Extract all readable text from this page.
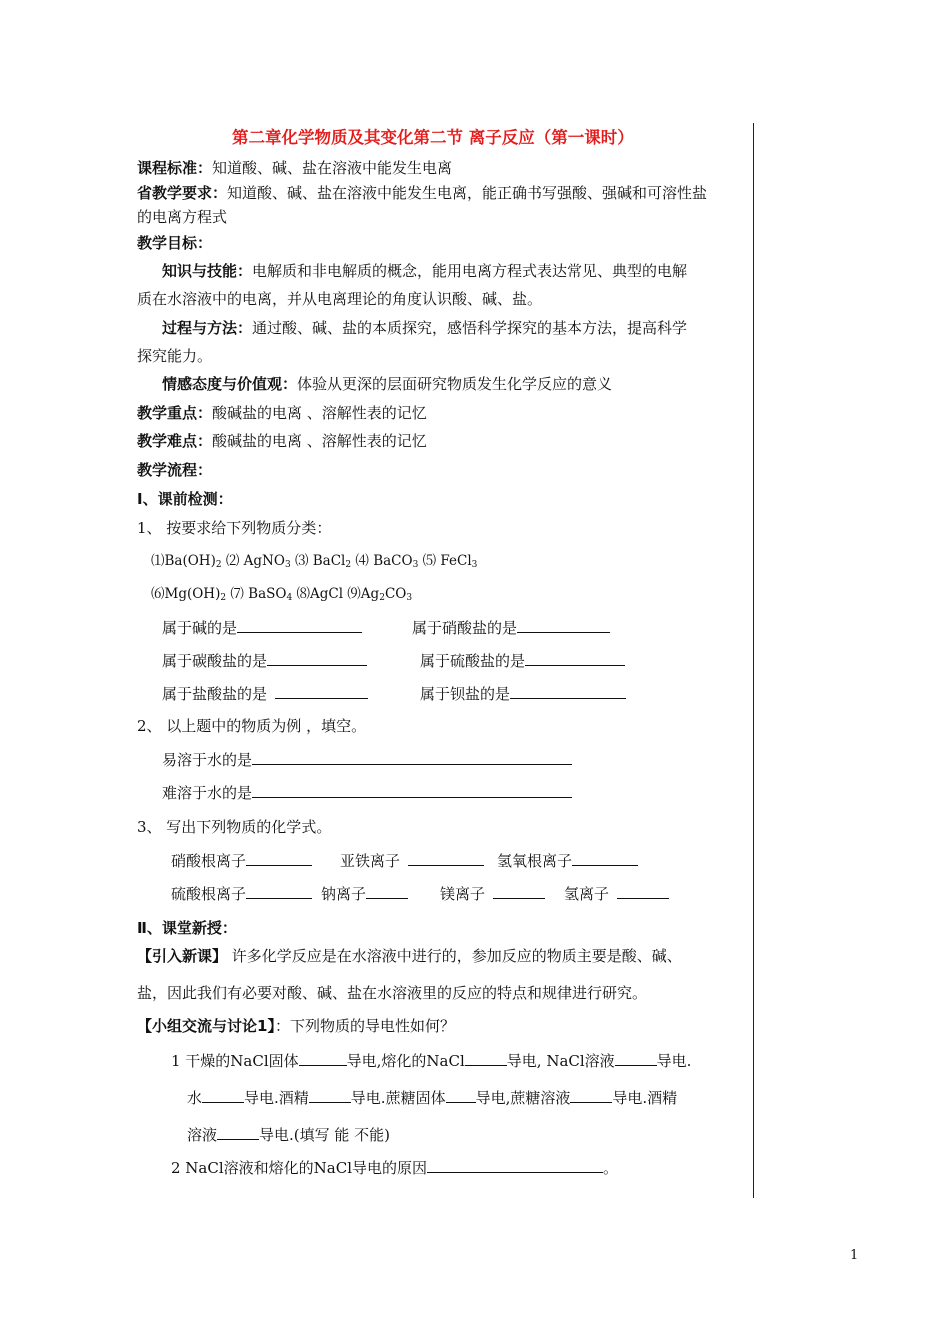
第二章化学物质及其变化第二节 离子反应（第一课时）
课程标准：知道酸、碱、盐在溶液中能发生电离
省教学要求：知道酸、碱、盐在溶液中能发生电离，能正确书写强酸、强碱和可溶性盐
的电离方程式
教学目标：
知识与技能：电解质和非电解质的概念，能用电离方程式表达常见、典型的电解
质在水溶液中的电离，并从电离理论的角度认识酸、碱、盐。
过程与方法：通过酸、碱、盐的本质探究，感悟科学探究的基本方法，提高科学
探究能力。
情感态度与价值观：体验从更深的层面研究物质发生化学反应的意义
教学重点：酸碱盐的电离 、溶解性表的记忆
教学难点：酸碱盐的电离 、溶解性表的记忆
教学流程：
Ⅰ、课前检测：
1、 按要求给下列物质分类：
$⑴Ba(OH)_2$ ⑵ AgNO$_3$ ⑶ BaCl$_2$ ⑷ BaCO$_3$ ⑸ FeCl$_3$
$⑹Mg(OH)_2$ ⑺ BaSO$_4$ ⑻AgCl $⑼Ag_2CO_3$
属于碱的是	属于硝酸盐的是
属于碳酸盐的是	属于硫酸盐的是
属于盐酸盐的是	属于钡盐的是
2、 以上题中的物质为例 ，填空。
易溶于水的是
难溶于水的是
3、 写出下列物质的化学式。
硝酸根离子	亚铁离子	氢氧根离子
硫酸根离子	钠离子	镁离子	氢离子
Ⅱ、课堂新授：
【引入新课】 许多化学反应是在水溶液中进行的，参加反应的物质主要是酸、碱、
盐，因此我们有必要对酸、碱、盐在水溶液里的反应的特点和规律进行研究。
【小组交流与讨论1】：下列物质的导电性如何？
1 干燥的NaCl固体	导电,熔化的NaCl	导电, NaCl溶液	导电.
水	导电.酒精	导电.蔗糖固体 导电,蔗糖溶液	导电.酒精
溶液	导电.(填写 能 不能)
2 NaCl溶液和熔化的NaCl导电的原因	。
1
